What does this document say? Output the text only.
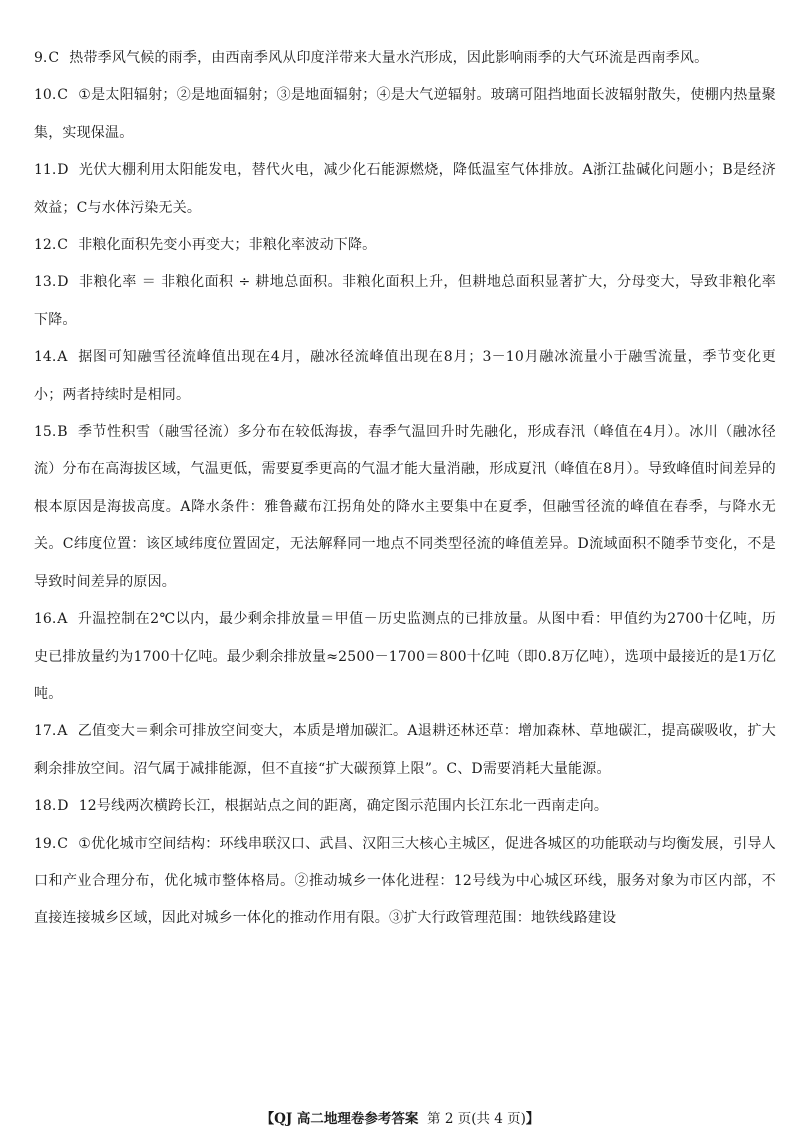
9.C 热带季风气候的雨季，由西南季风从印度洋带来大量水汽形成，因此影响雨季的大气环流是西南季风。

10.C ①是太阳辐射；②是地面辐射；③是地面辐射；④是大气逆辐射。玻璃可阻挡地面长波辐射散失，使棚内热量聚集，实现保温。

11.D 光伏大棚利用太阳能发电，替代火电，减少化石能源燃烧，降低温室气体排放。A浙江盐碱化问题小；B是经济效益；C与水体污染无关。

12.C 非粮化面积先变小再变大；非粮化率波动下降。

13.D 非粮化率 ＝ 非粮化面积 ÷ 耕地总面积。非粮化面积上升，但耕地总面积显著扩大，分母变大，导致非粮化率下降。

14.A 据图可知融雪径流峰值出现在4月，融冰径流峰值出现在8月；3－10月融冰流量小于融雪流量，季节变化更小；两者持续时是相同。

15.B 季节性积雪（融雪径流）多分布在较低海拔，春季气温回升时先融化，形成春汛（峰值在4月）。冰川（融冰径流）分布在高海拔区域，气温更低，需要夏季更高的气温才能大量消融，形成夏汛（峰值在8月）。导致峰值时间差异的根本原因是海拔高度。A降水条件：雅鲁藏布江拐角处的降水主要集中在夏季，但融雪径流的峰值在春季，与降水无关。C纬度位置：该区域纬度位置固定，无法解释同一地点不同类型径流的峰值差异。D流域面积不随季节变化，不是导致时间差异的原因。

16.A 升温控制在2℃以内，最少剩余排放量＝甲值－历史监测点的已排放量。从图中看：甲值约为2700十亿吨，历史已排放量约为1700十亿吨。最少剩余排放量≈2500－1700＝800十亿吨（即0.8万亿吨），选项中最接近的是1万亿吨。

17.A 乙值变大＝剩余可排放空间变大，本质是增加碳汇。A退耕还林还草：增加森林、草地碳汇，提高碳吸收，扩大剩余排放空间。沼气属于减排能源，但不直接“扩大碳预算上限”。C、D需要消耗大量能源。

18.D 12号线两次横跨长江，根据站点之间的距离，确定图示范围内长江东北一西南走向。

19.C ①优化城市空间结构：环线串联汉口、武昌、汉阳三大核心主城区，促进各城区的功能联动与均衡发展，引导人口和产业合理分布，优化城市整体格局。②推动城乡一体化进程：12号线为中心城区环线，服务对象为市区内部，不直接连接城乡区域，因此对城乡一体化的推动作用有限。③扩大行政管理范围：地铁线路建设

【QJ 高二地理卷参考答案 第 2 页(共 4 页)】
